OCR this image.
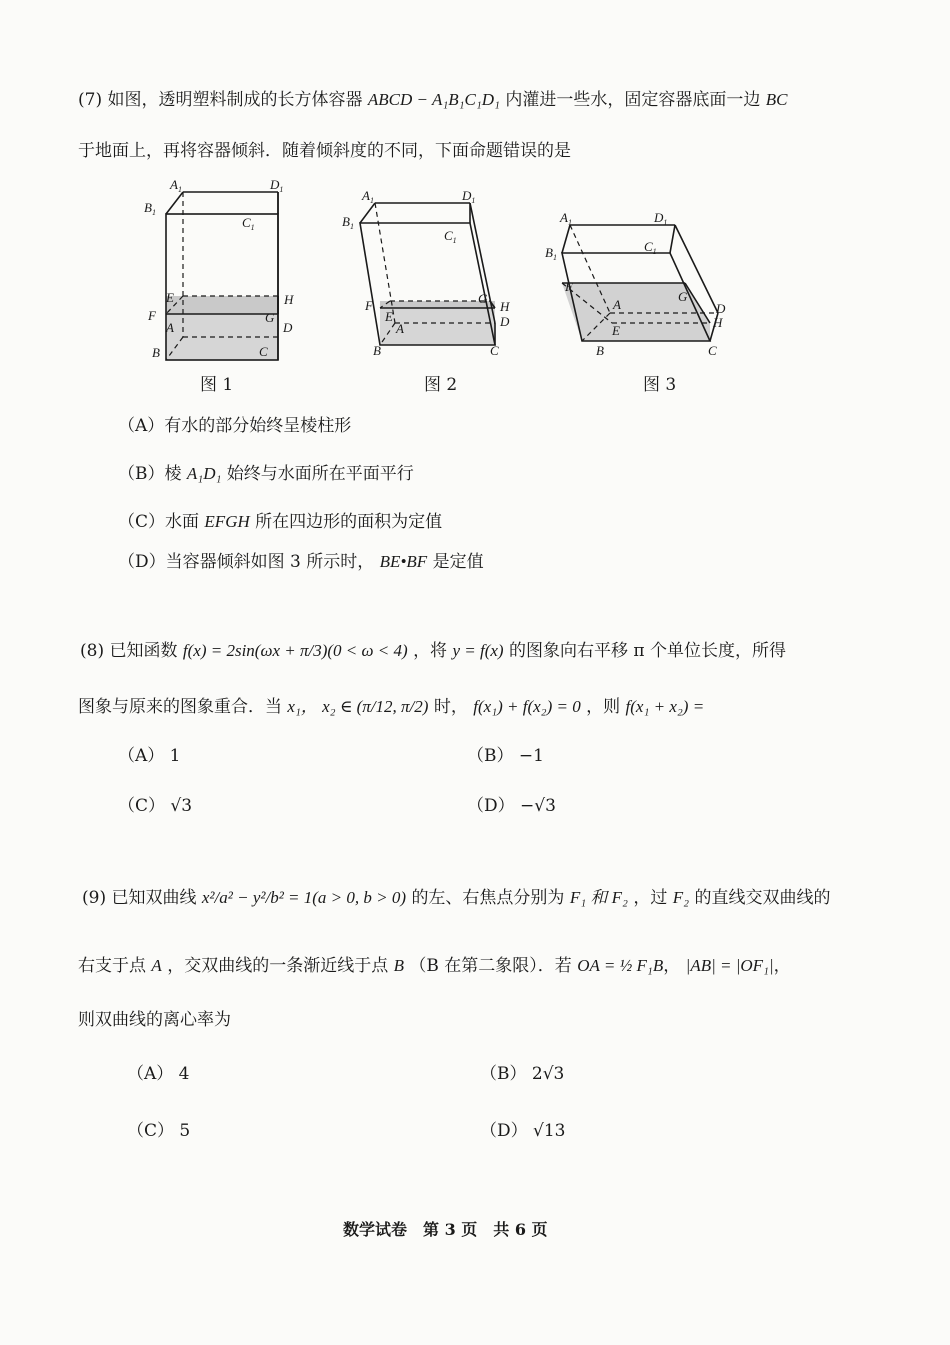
(7) 如图，透明塑料制成的长方体容器 ABCD − A₁B₁C₁D₁ 内灌进一些水，固定容器底面一边 BC
于地面上，再将容器倾斜．随着倾斜度的不同，下面命题错误的是
$A_1$	$D_1$
$B_1$
$C_1$
E	H
F	G
A	D
B	C
$A_1$	$D_1$
$B_1$
$C_1$
F
E
G
H
A	D
B	C
$A_1$	$D_1$
$B_1$
$C_1$
F
G
A	D
H
E
B	C
图 1	图 2	图 3
（A）有水的部分始终呈棱柱形
（B）棱 A₁D₁ 始终与水面所在平面平行
（C）水面 EFGH 所在四边形的面积为定值
（D）当容器倾斜如图 3 所示时， BE•BF 是定值
(8) 已知函数 f(x) = 2sin(ωx + π/3)(0 < ω < 4) ，将 y = f(x) 的图象向右平移 π 个单位长度，所得
图象与原来的图象重合．当 x₁， x₂ ∈ (π/12, π/2) 时， f(x₁) + f(x₂) = 0 ，则 f(x₁ + x₂) =
（A） 1	（B） −1
（C） √3	（D） −√3
(9) 已知双曲线 x²/a² − y²/b² = 1(a > 0, b > 0) 的左、右焦点分别为 F₁ 和 F₂ ，过 F₂ 的直线交双曲线的
右支于点 A ，交双曲线的一条渐近线于点 B （B 在第二象限）．若 OA = ½ F₁B， |AB| = |OF₁|，
则双曲线的离心率为
（A） 4	（B） 2√3
（C） 5	（D） √13
数学试卷　第 3 页　共 6 页
